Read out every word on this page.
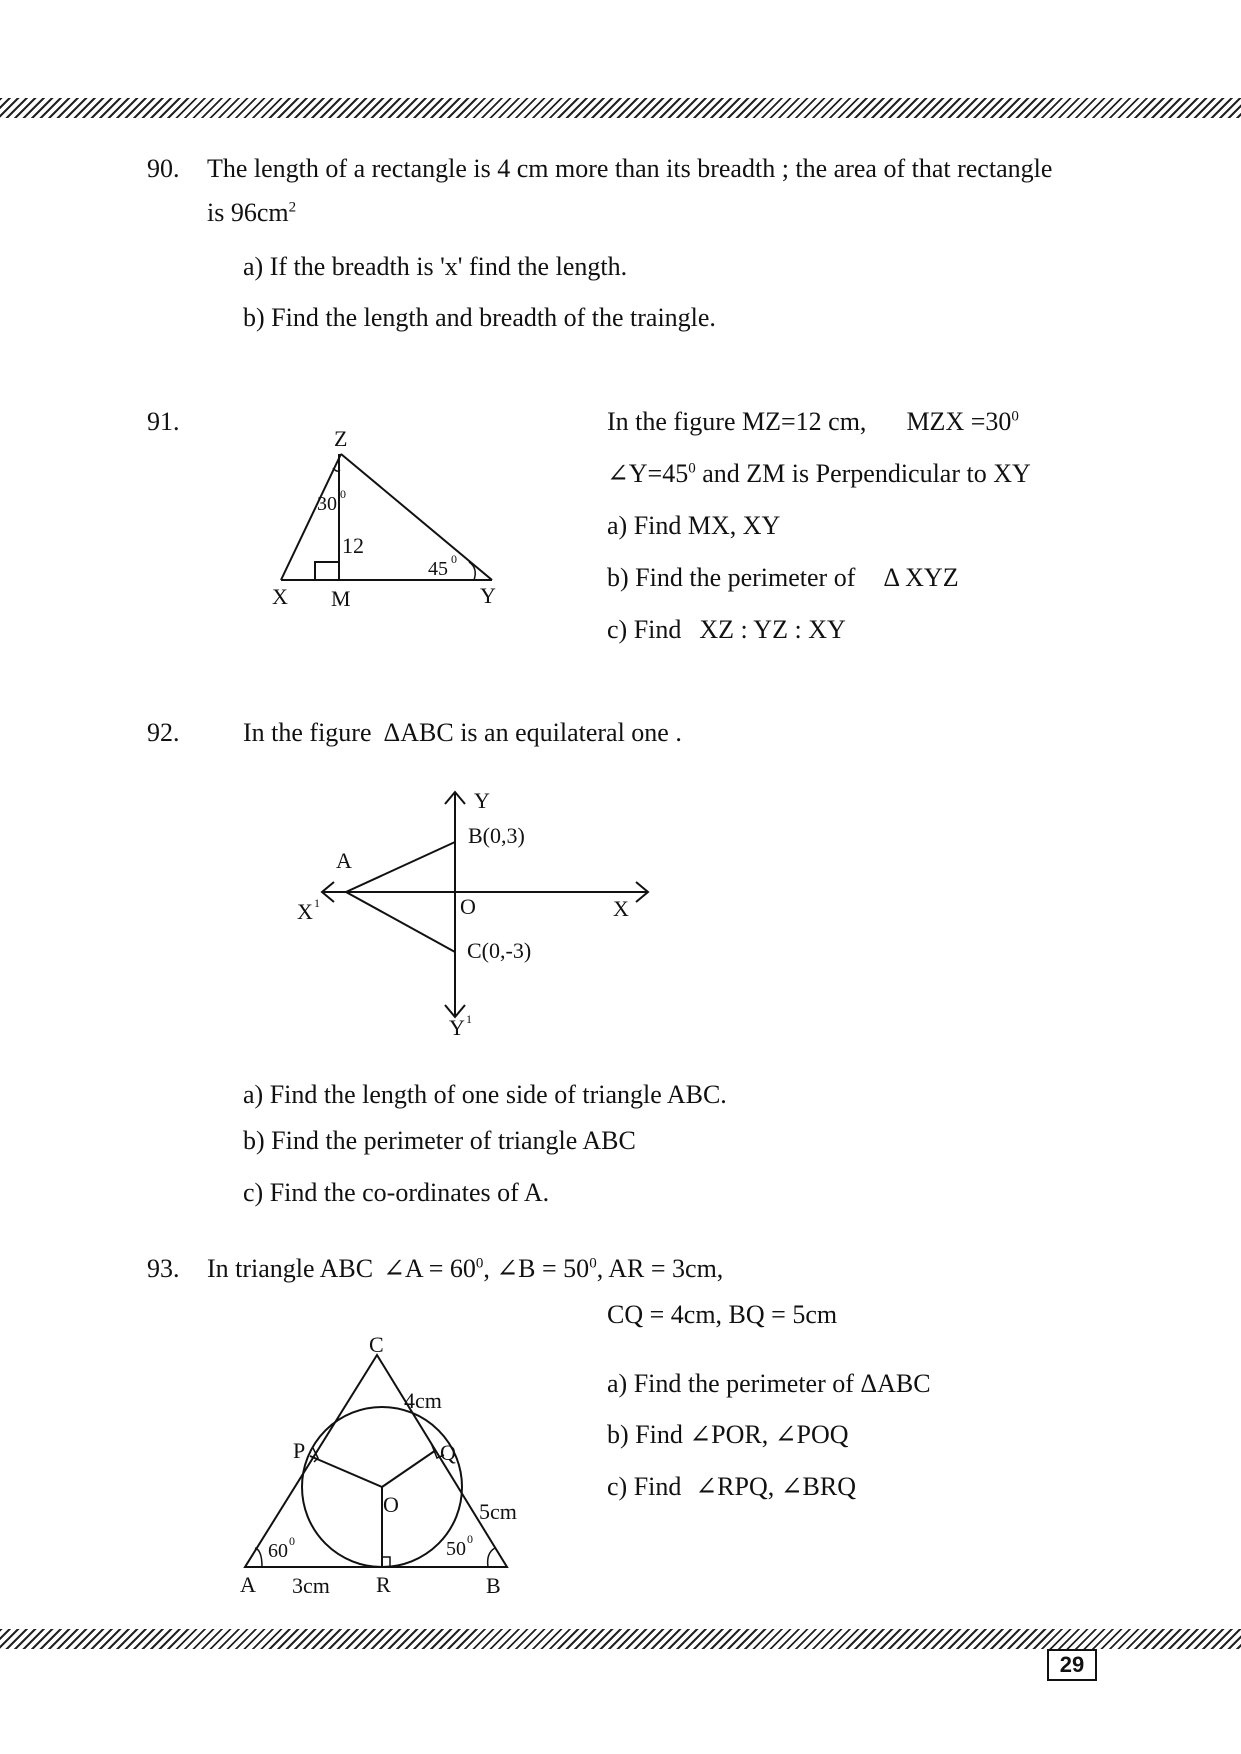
90. The length of a rectangle is 4 cm more than its breadth ; the area of that rectangle
is $96cm^2$
a) If the breadth is 'x' find the length.
b) Find the length and breadth of the traingle.
91.	In the figure MZ=12 cm, MZX $=30^0$
$\angle Y=45^0$ and ZM is Perpendicular to XY
a) Find MX, XY
b) Find the perimeter of Δ XYZ
c) Find XZ : YZ : XY
Z
X M	Y
12
30 0
45 0
92. In the figure ΔABC is an equilateral one .
Y
B(0,3)
A
X 1	O	X
C(0,-3)
Y 1
a) Find the length of one side of triangle ABC.
b) Find the perimeter of triangle ABC
c) Find the co-ordinates of A.
93. In triangle ABC ∠A = $60^0$, ∠B = $50^0$, AR = 3cm,
CQ = 4cm, BQ = 5cm
a) Find the perimeter of ΔABC
b) Find ∠POR, ∠POQ
c) Find ∠RPQ, ∠BRQ
C
4cm
P	Q
O	5cm
60 0	50 0
A 3cm R	B
29
